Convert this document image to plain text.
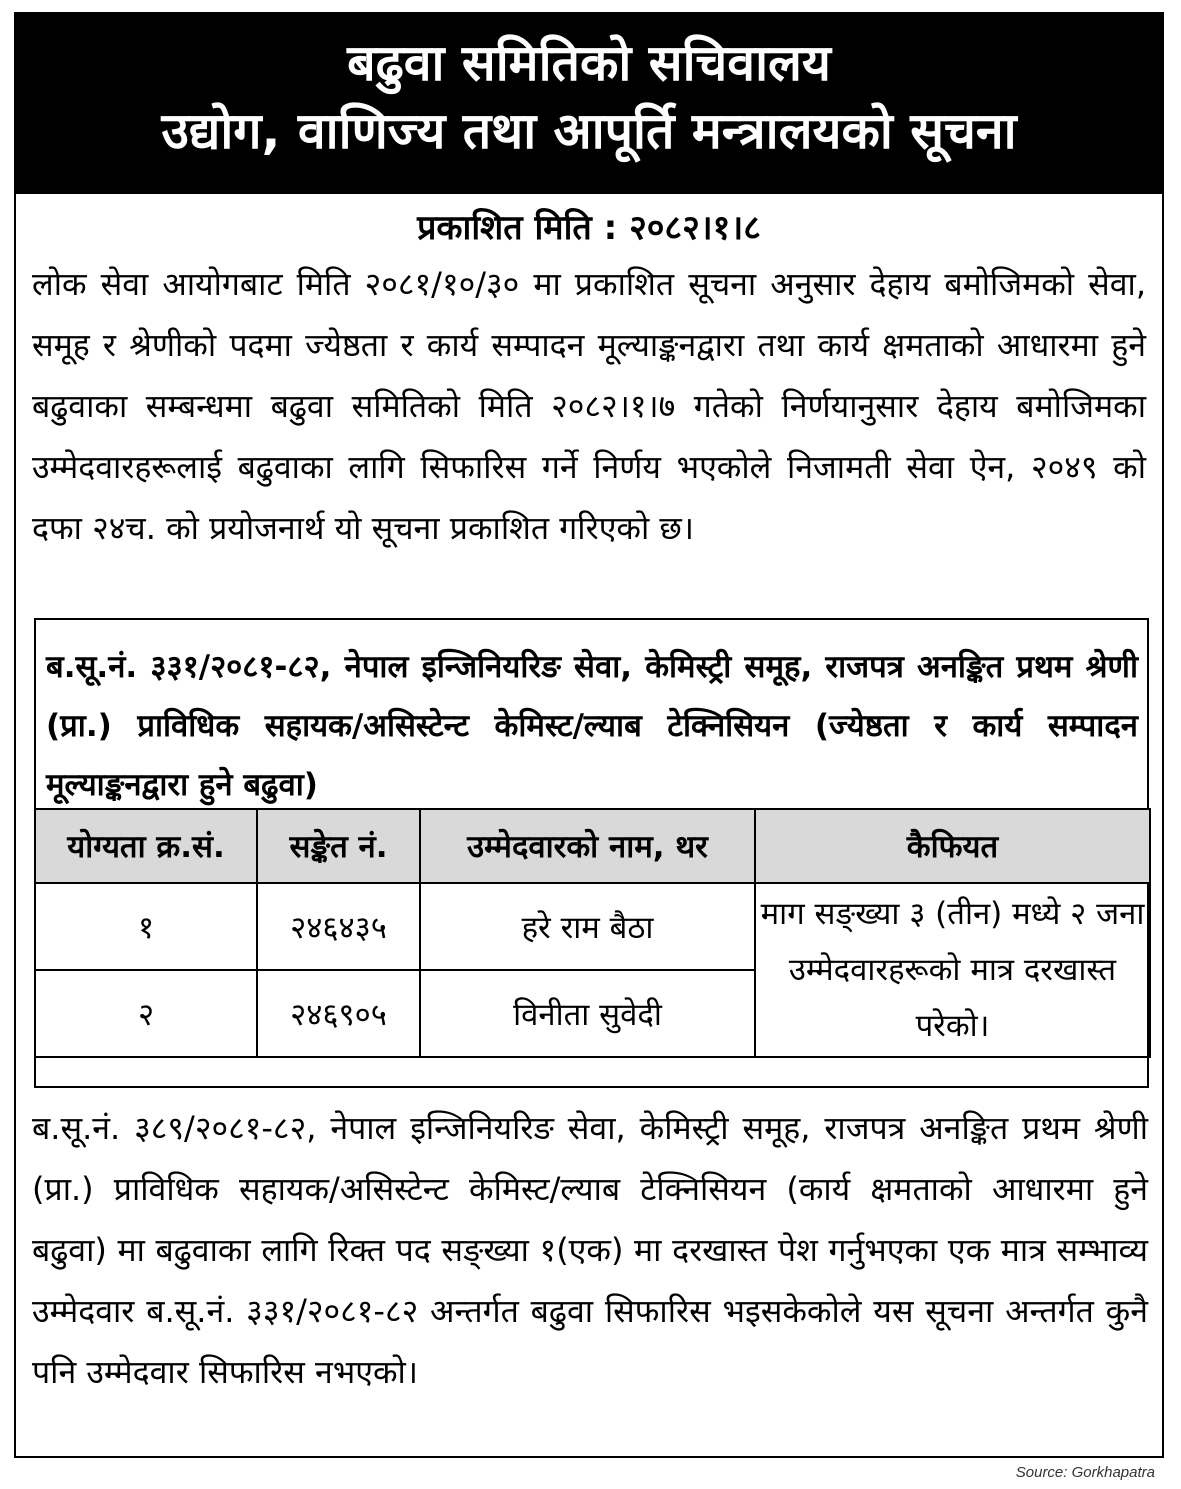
बढुवा समितिको सचिवालय
उद्योग, वाणिज्य तथा आपूर्ति मन्त्रालयको सूचना
प्रकाशित मिति : २०८२।१।८
लोक सेवा आयोगबाट मिति २०८१/१०/३० मा प्रकाशित सूचना अनुसार देहाय बमोजिमको सेवा, समूह र श्रेणीको पदमा ज्येष्ठता र कार्य सम्पादन मूल्याङ्कनद्वारा तथा कार्य क्षमताको आधारमा हुने बढुवाका सम्बन्धमा बढुवा समितिको मिति २०८२।१।७ गतेको निर्णयानुसार देहाय बमोजिमका उम्मेदवारहरूलाई बढुवाका लागि सिफारिस गर्ने निर्णय भएकोले निजामती सेवा ऐन, २०४९ को दफा २४च. को प्रयोजनार्थ यो सूचना प्रकाशित गरिएको छ।
ब.सू.नं. ३३१/२०८१-८२, नेपाल इन्जिनियरिङ सेवा, केमिस्ट्री समूह, राजपत्र अनङ्कित प्रथम श्रेणी (प्रा.) प्राविधिक सहायक/असिस्टेन्ट केमिस्ट/ल्याब टेक्निसियन (ज्येष्ठता र कार्य सम्पादन मूल्याङ्कनद्वारा हुने बढुवा)
योग्यता क्र.सं.	सङ्केत नं.	उम्मेदवारको नाम, थर	कैफियत
१	२४६४३५	हरे राम बैठा	माग सङ्ख्या ३ (तीन) मध्ये २ जना उम्मेदवारहरूको मात्र दरखास्त परेको।
२	२४६९०५	विनीता सुवेदी	
ब.सू.नं. ३८९/२०८१-८२, नेपाल इन्जिनियरिङ सेवा, केमिस्ट्री समूह, राजपत्र अनङ्कित प्रथम श्रेणी (प्रा.) प्राविधिक सहायक/असिस्टेन्ट केमिस्ट/ल्याब टेक्निसियन (कार्य क्षमताको आधारमा हुने बढुवा) मा बढुवाका लागि रिक्त पद सङ्ख्या १(एक) मा दरखास्त पेश गर्नुभएका एक मात्र सम्भाव्य उम्मेदवार ब.सू.नं. ३३१/२०८१-८२ अन्तर्गत बढुवा सिफारिस भइसकेकोले यस सूचना अन्तर्गत कुनै पनि उम्मेदवार सिफारिस नभएको।
Source: Gorkhapatra
